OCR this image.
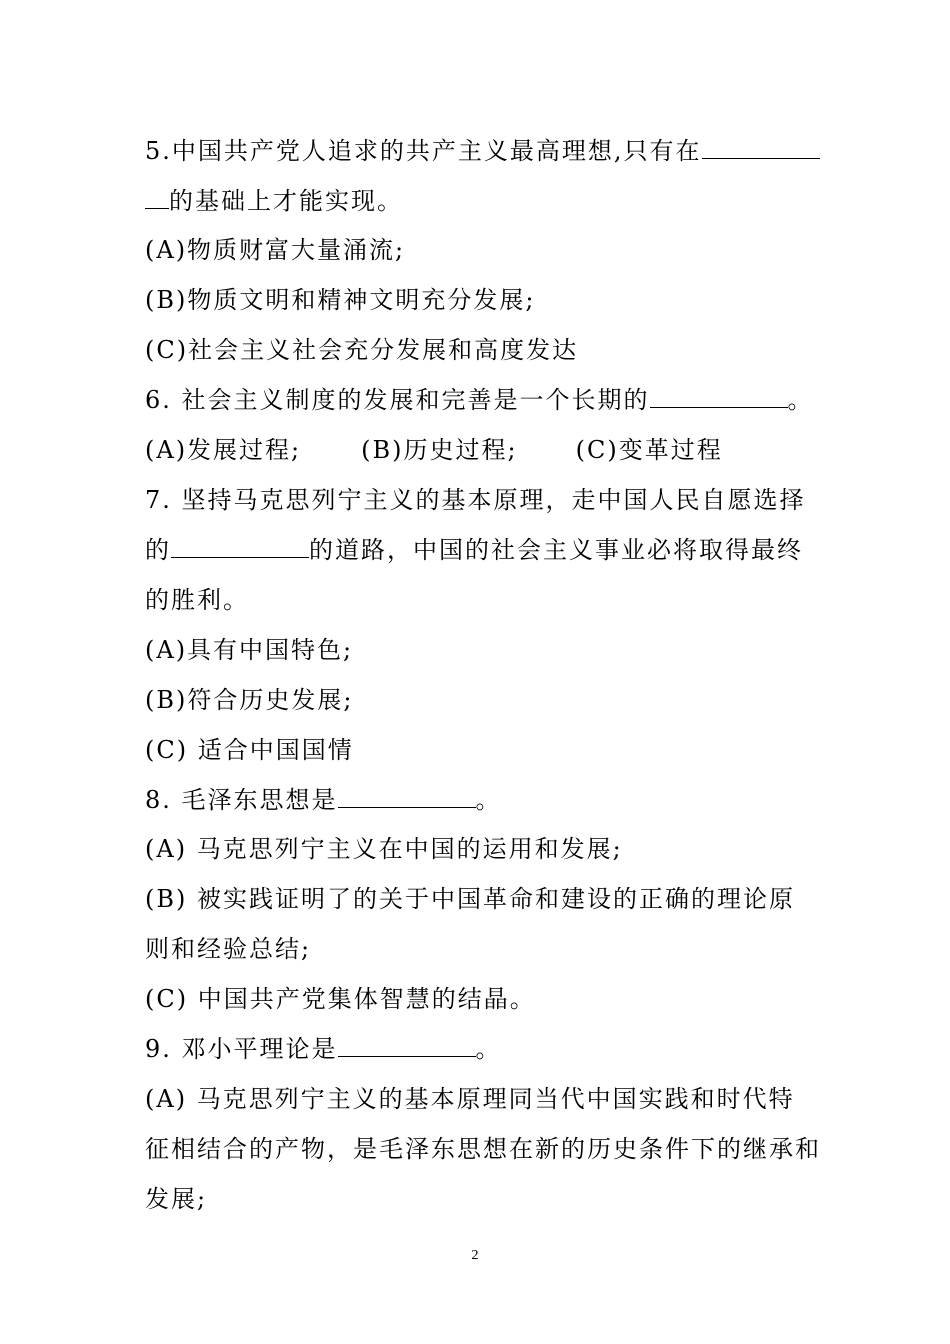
5.中国共产党人追求的共产主义最高理想,只有在
的基础上才能实现。
(A)物质财富大量涌流;
(B)物质文明和精神文明充分发展;
(C)社会主义社会充分发展和高度发达
6. 社会主义制度的发展和完善是一个长期的	。
(A)发展过程;	(B)历史过程; (C)变革过程
7. 坚持马克思列宁主义的基本原理，走中国人民自愿选择
的	的道路，中国的社会主义事业必将取得最终
的胜利。
(A)具有中国特色;
(B)符合历史发展;
(C) 适合中国国情
8. 毛泽东思想是	。
(A) 马克思列宁主义在中国的运用和发展;
(B) 被实践证明了的关于中国革命和建设的正确的理论原
则和经验总结;
(C) 中国共产党集体智慧的结晶。
9. 邓小平理论是	。
(A) 马克思列宁主义的基本原理同当代中国实践和时代特
征相结合的产物，是毛泽东思想在新的历史条件下的继承和
发展;
2
